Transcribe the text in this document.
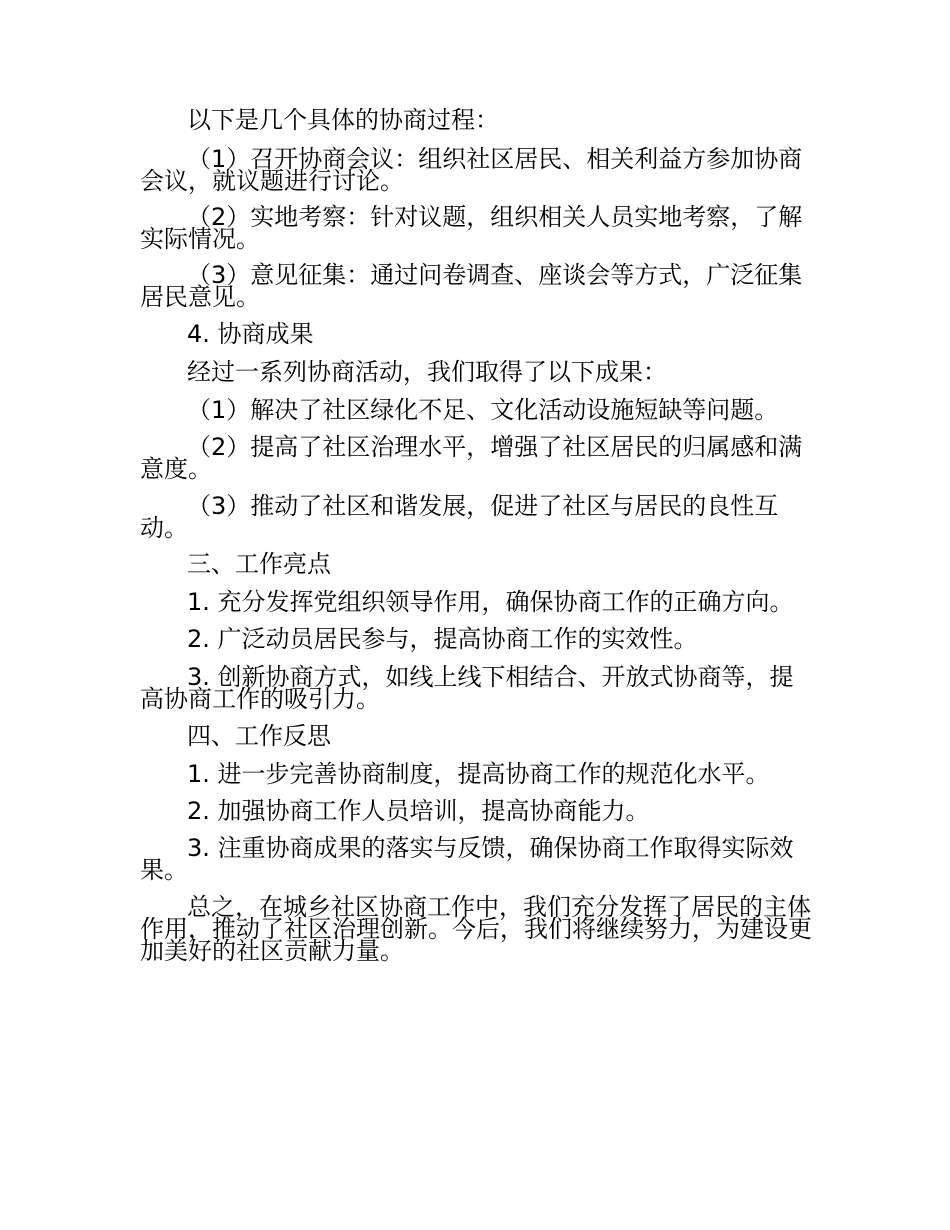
以下是几个具体的协商过程：

（1）召开协商会议：组织社区居民、相关利益方参加协商会议，就议题进行讨论。

（2）实地考察：针对议题，组织相关人员实地考察，了解实际情况。

（3）意见征集：通过问卷调查、座谈会等方式，广泛征集居民意见。

4. 协商成果

经过一系列协商活动，我们取得了以下成果：

（1）解决了社区绿化不足、文化活动设施短缺等问题。

（2）提高了社区治理水平，增强了社区居民的归属感和满意度。

（3）推动了社区和谐发展，促进了社区与居民的良性互动。

三、工作亮点

1. 充分发挥党组织领导作用，确保协商工作的正确方向。

2. 广泛动员居民参与，提高协商工作的实效性。

3. 创新协商方式，如线上线下相结合、开放式协商等，提高协商工作的吸引力。

四、工作反思

1. 进一步完善协商制度，提高协商工作的规范化水平。

2. 加强协商工作人员培训，提高协商能力。

3. 注重协商成果的落实与反馈，确保协商工作取得实际效果。

总之，在城乡社区协商工作中，我们充分发挥了居民的主体作用，推动了社区治理创新。今后，我们将继续努力，为建设更加美好的社区贡献力量。
